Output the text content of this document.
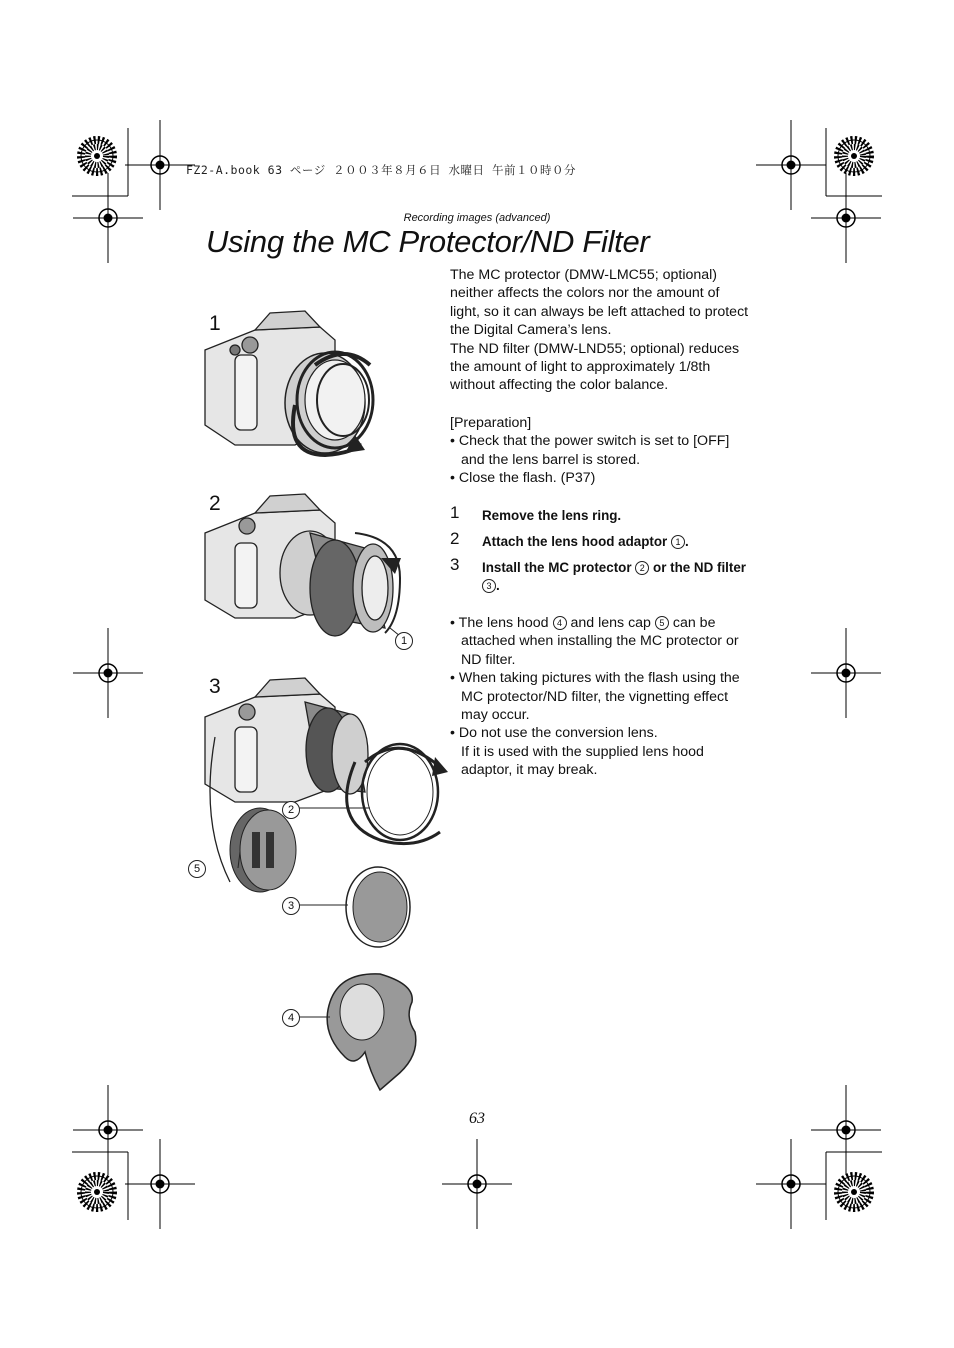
FZ2-A.book 63 ページ ２００３年８月６日 水曜日 午前１０時０分
Recording images (advanced)
Using the MC Protector/ND Filter
1
2
3
1
2
5
3
4

The MC protector (DMW-LMC55; optional) neither affects the colors nor the amount of light, so it can always be left attached to protect the Digital Camera’s lens.

The ND filter (DMW-LND55; optional) reduces the amount of light to approximately 1/8th without affecting the color balance.

[Preparation]

• Check that the power switch is set to [OFF] and the lens barrel is stored.

• Close the flash. (P37)

1 Remove the lens ring.
2 Attach the lens hood adaptor 1 .
3 Install the MC protector 2 or the ND filter 3 .

• The lens hood 4 and lens cap 5 can be attached when installing the MC protector or ND filter.

• When taking pictures with the flash using the MC protector/ND filter, the vignetting effect may occur.

• Do not use the conversion lens.

If it is used with the supplied lens hood adaptor, it may break.

63
